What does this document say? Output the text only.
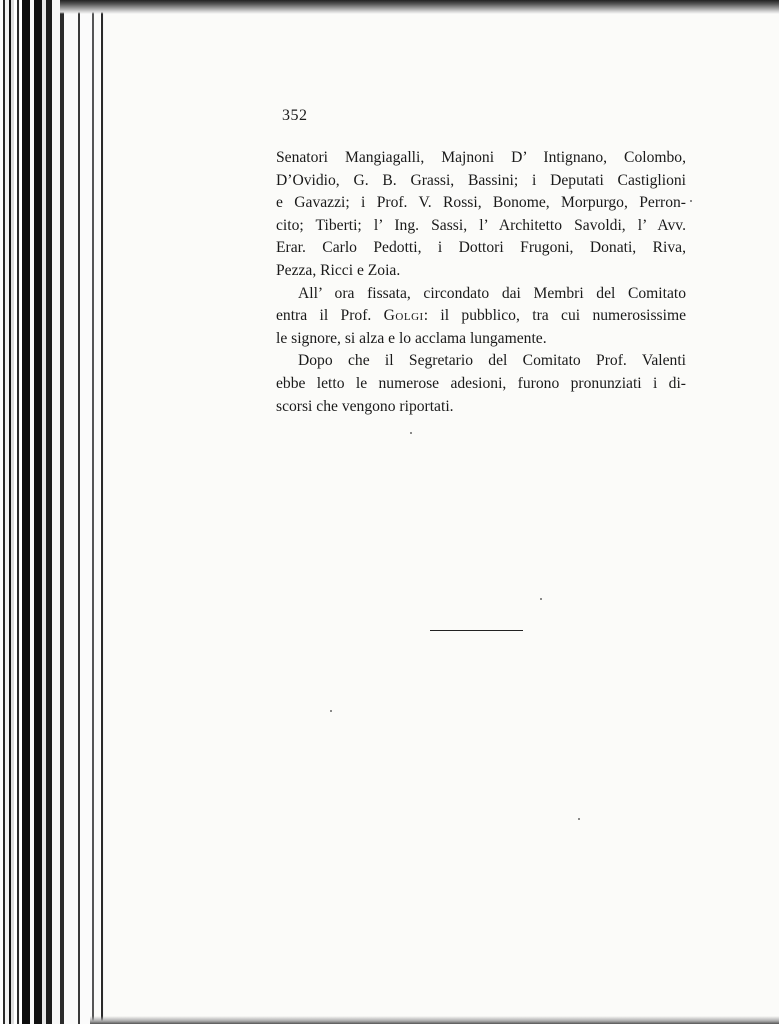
352

Senatori Mangiagalli, Majnoni D’ Intignano, Colombo,
D’Ovidio, G. B. Grassi, Bassini; i Deputati Castiglioni
e Gavazzi; i Prof. V. Rossi, Bonome, Morpurgo, Perron-
cito; Tiberti; l’ Ing. Sassi, l’ Architetto Savoldi, l’ Avv.
Erar. Carlo Pedotti, i Dottori Frugoni, Donati, Riva,
Pezza, Ricci e Zoia.

All’ ora fissata, circondato dai Membri del Comitato
entra il Prof. Golgi: il pubblico, tra cui numerosissime
le signore, si alza e lo acclama lungamente.

Dopo che il Segretario del Comitato Prof. Valenti
ebbe letto le numerose adesioni, furono pronunziati i di-
scorsi che vengono riportati.
